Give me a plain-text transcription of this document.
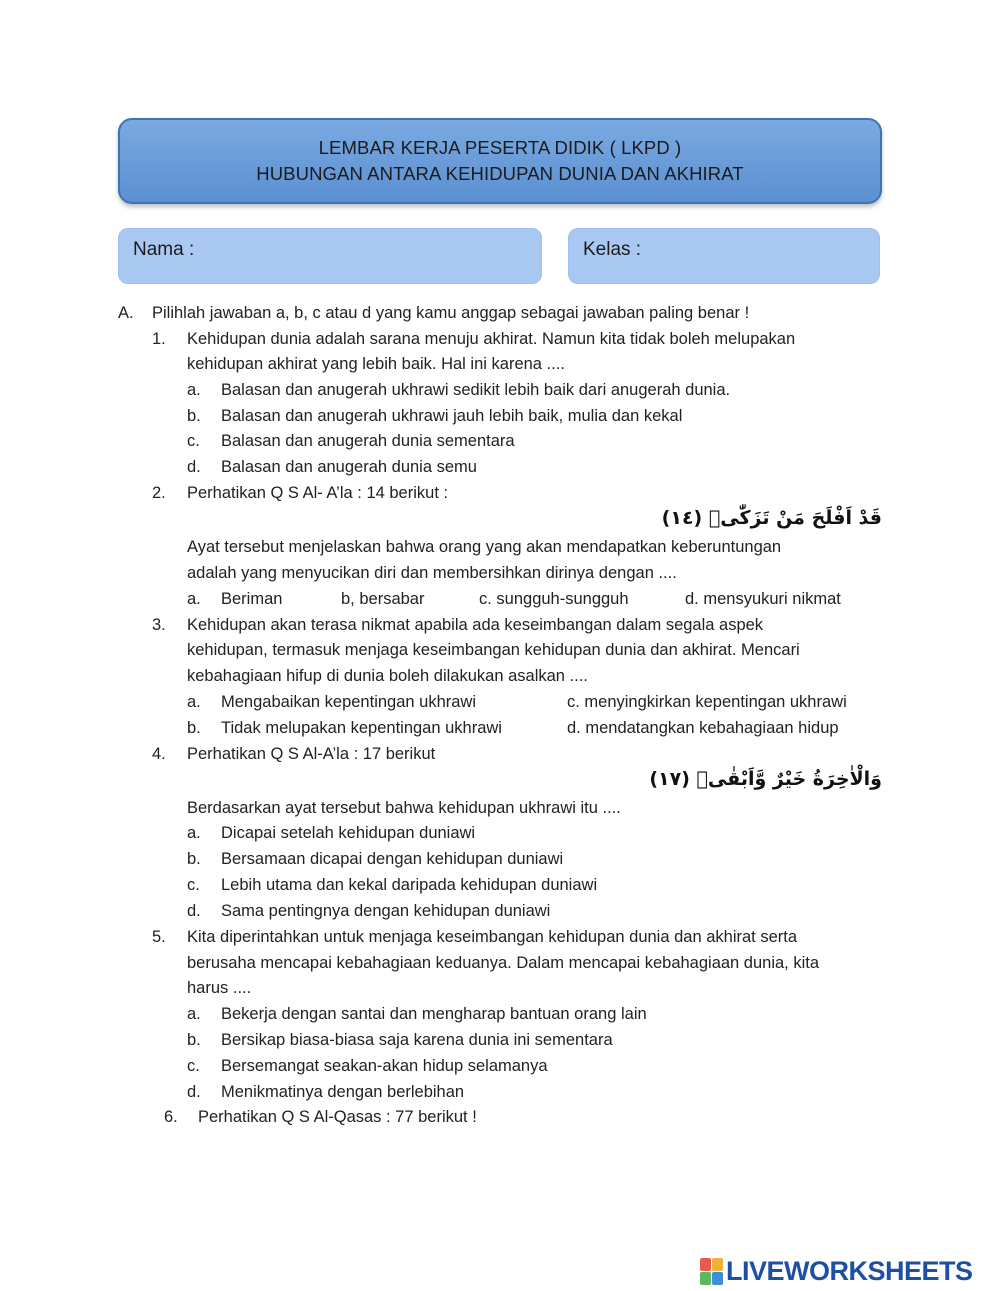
LEMBAR KERJA PESERTA DIDIK ( LKPD )
HUBUNGAN ANTARA KEHIDUPAN DUNIA DAN AKHIRAT
Nama :	Kelas :
A. Pilihlah jawaban a, b, c atau d yang kamu anggap sebagai jawaban paling benar !
1. Kehidupan dunia adalah sarana menuju akhirat. Namun kita tidak boleh melupakan
kehidupan akhirat yang lebih baik. Hal ini karena ....
a. Balasan dan anugerah ukhrawi sedikit lebih baik dari anugerah dunia.
b. Balasan dan anugerah ukhrawi jauh lebih baik, mulia dan kekal
c. Balasan dan anugerah dunia sementara
d. Balasan dan anugerah dunia semu
2. Perhatikan Q S Al- A’la : 14 berikut :
قَدْ اَفْلَحَ مَنْ تَزَكّٰىۙ (١٤)
Ayat tersebut menjelaskan bahwa orang yang akan mendapatkan keberuntungan
adalah yang menyucikan diri dan membersihkan dirinya dengan ....
a. Beriman	b, bersabar	c. sungguh-sungguh	d. mensyukuri nikmat
3. Kehidupan akan terasa nikmat apabila ada keseimbangan dalam segala aspek
kehidupan, termasuk menjaga keseimbangan kehidupan dunia dan akhirat. Mencari
kebahagiaan hifup di dunia boleh dilakukan asalkan ....
a. Mengabaikan kepentingan ukhrawi	c. menyingkirkan kepentingan ukhrawi
b. Tidak melupakan kepentingan ukhrawi	d. mendatangkan kebahagiaan hidup
4. Perhatikan Q S Al-A’la : 17 berikut
وَالْاٰخِرَةُ خَيْرٌ وَّاَبْقٰىۗ (١٧)
Berdasarkan ayat tersebut bahwa kehidupan ukhrawi itu ....
a. Dicapai setelah kehidupan duniawi
b. Bersamaan dicapai dengan kehidupan duniawi
c. Lebih utama dan kekal daripada kehidupan duniawi
d. Sama pentingnya dengan kehidupan duniawi
5. Kita diperintahkan untuk menjaga keseimbangan kehidupan dunia dan akhirat serta
berusaha mencapai kebahagiaan keduanya. Dalam mencapai kebahagiaan dunia, kita
harus ....
a. Bekerja dengan santai dan mengharap bantuan orang lain
b. Bersikap biasa-biasa saja karena dunia ini sementara
c. Bersemangat seakan-akan hidup selamanya
d. Menikmatinya dengan berlebihan
6. Perhatikan Q S Al-Qasas : 77 berikut !
LIVEWORKSHEETS
